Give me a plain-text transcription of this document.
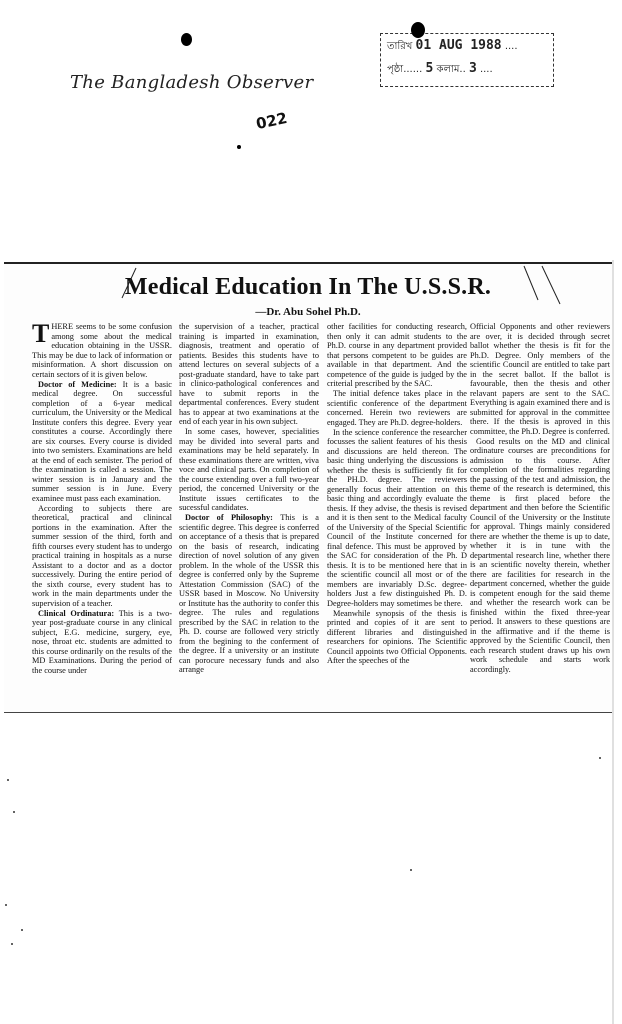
The Bangladesh Observer
022
তারিখ 01 AUG 1988 ....
পৃষ্ঠা...... 5 কলাম.. 3 ....
Medical Education In The U.S.S.R.
—Dr. Abu Sohel Ph.D.

THERE seems to be some confusion among some about the medical education obtaining in the USSR. This may be due to lack of information or misinformation. A short discussion on certain sectors of it is given below.

Doctor of Medicine: It is a basic medical degree. On successful completion of a 6-year medical curriculum, the University or the Medical Institute confers this degree. Every year constitutes a course. Accordingly there are six courses. Every course is divided into two semisters. Examinations are held at the end of each semister. The period of the examination is called a session. The winter session is in January and the summer session is in June. Every examinee must pass each examination.

According to subjects there are theoretical, practical and clinincal portions in the examination. After the summer session of the third, forth and fifth courses every student has to undergo practical training in hospitals as a nurse Assistant to a doctor and as a doctor successively. During the entire period of the sixth course, every student has to work in the main departments under the supervision of a teacher.

Clinical Ordinatura: This is a two-year post-graduate course in any clinical subject, E.G. medicine, surgery, eye, nose, throat etc. students are admitted to this course ordinarily on the results of the MD Examinations. During the period of the course under

the supervision of a teacher, practical training is imparted in examination, diagnosis, treatment and operatio of patients. Besides this students have to attend lectures on several subjects of a post-graduate standard, have to take part in clinico-pathological conferences and have to submit reports in the departmental conferences. Every student has to appear at two examinations at the end of each year in his own subject.

In some cases, however, specialities may be divided into several parts and examinations may be held separately. In these examinations there are written, viva voce and clinical parts. On completion of the course extending over a full two-year period, the concerned University or the Institute issues certificates to the sucessful candidates.

Doctor of Philosophy: This is a scientific degree. This degree is conferred on acceptance of a thesis that is prepared on the basis of research, indicating direction of novel solution of any given problem. In the whole of the USSR this degree is conferred only by the Supreme Attestation Commission (SAC) of the USSR based in Moscow. No University or Institute has the authority to confer this degree. The rules and regulations prescribed by the SAC in relation to the Ph. D. course are followed very strictly from the begining to the conferment of the degree. If a university or an institute can porocure necessary funds and also arrange

other facilities for conducting research, then only it can admit students to the Ph.D. course in any department provided that persons competent to be guides are available in that department. And the competence of the guide is judged by the criterial prescribed by the SAC.

The initial defence takes place in the scientific conference of the department concerned. Herein two reviewers are engaged. They are Ph.D. degree-holders.

In the science conference the researcher focusses the salient features of his thesis and discussions are held thereon. The basic thing underlying the discussions is whether the thesis is sufficiently fit for the PH.D. degree. The reviewers generally focus their attention on this basic thing and accordingly evaluate the thesis. If they advise, the thesis is revised and it is then sent to the Medical faculty of the University of the Special Scientific Council of the Institute concerned for final defence. This must be approved by the SAC for consideration of the Ph. D thesis. It is to be mentioned here that in the scientific council all most or of the members are invariably D.Sc. degree-holders Just a few distinguished Ph. D. Degree-holders may sometimes be there.

Meanwhile synopsis of the thesis is printed and copies of it are sent to different libraries and distinguished researchers for opinions. The Scientific Council appoints two Official Opponents. After the speeches of the

Official Opponents and other reviewers are over, it is decided through secret ballot whether the thesis is fit for the Ph.D. Degree. Only members of the scientific Council are entitled to take part in the secret ballot. If the ballot is favourable, then the thesis and other relavant papers are sent to the SAC. Everything is again examined there and is submitted for approval in the committee there. If the thesis is aproved in this committee, the Ph.D. Degree is conferred.

Good results on the MD and clinical ordinature courses are preconditions for admission to this course. After completion of the formalities regarding the passing of the test and admission, the theme of the research is determined, this theme is first placed before the department and then before the Scientific Council of the University or the Institute for approval. Things mainly considered there are whether the theme is up to date, whether it is in tune with the departmental research line, whether there is an scientific novelty therein, whether there are facilities for research in the department concerned, whether the guide is competent enough for the said theme and whether the research work can be finished within the fixed three-year period. It answers to these questions are in the affirmative and if the theme is approved by the Scientific Council, then each research student draws up his own work schedule and starts work accordingly.
